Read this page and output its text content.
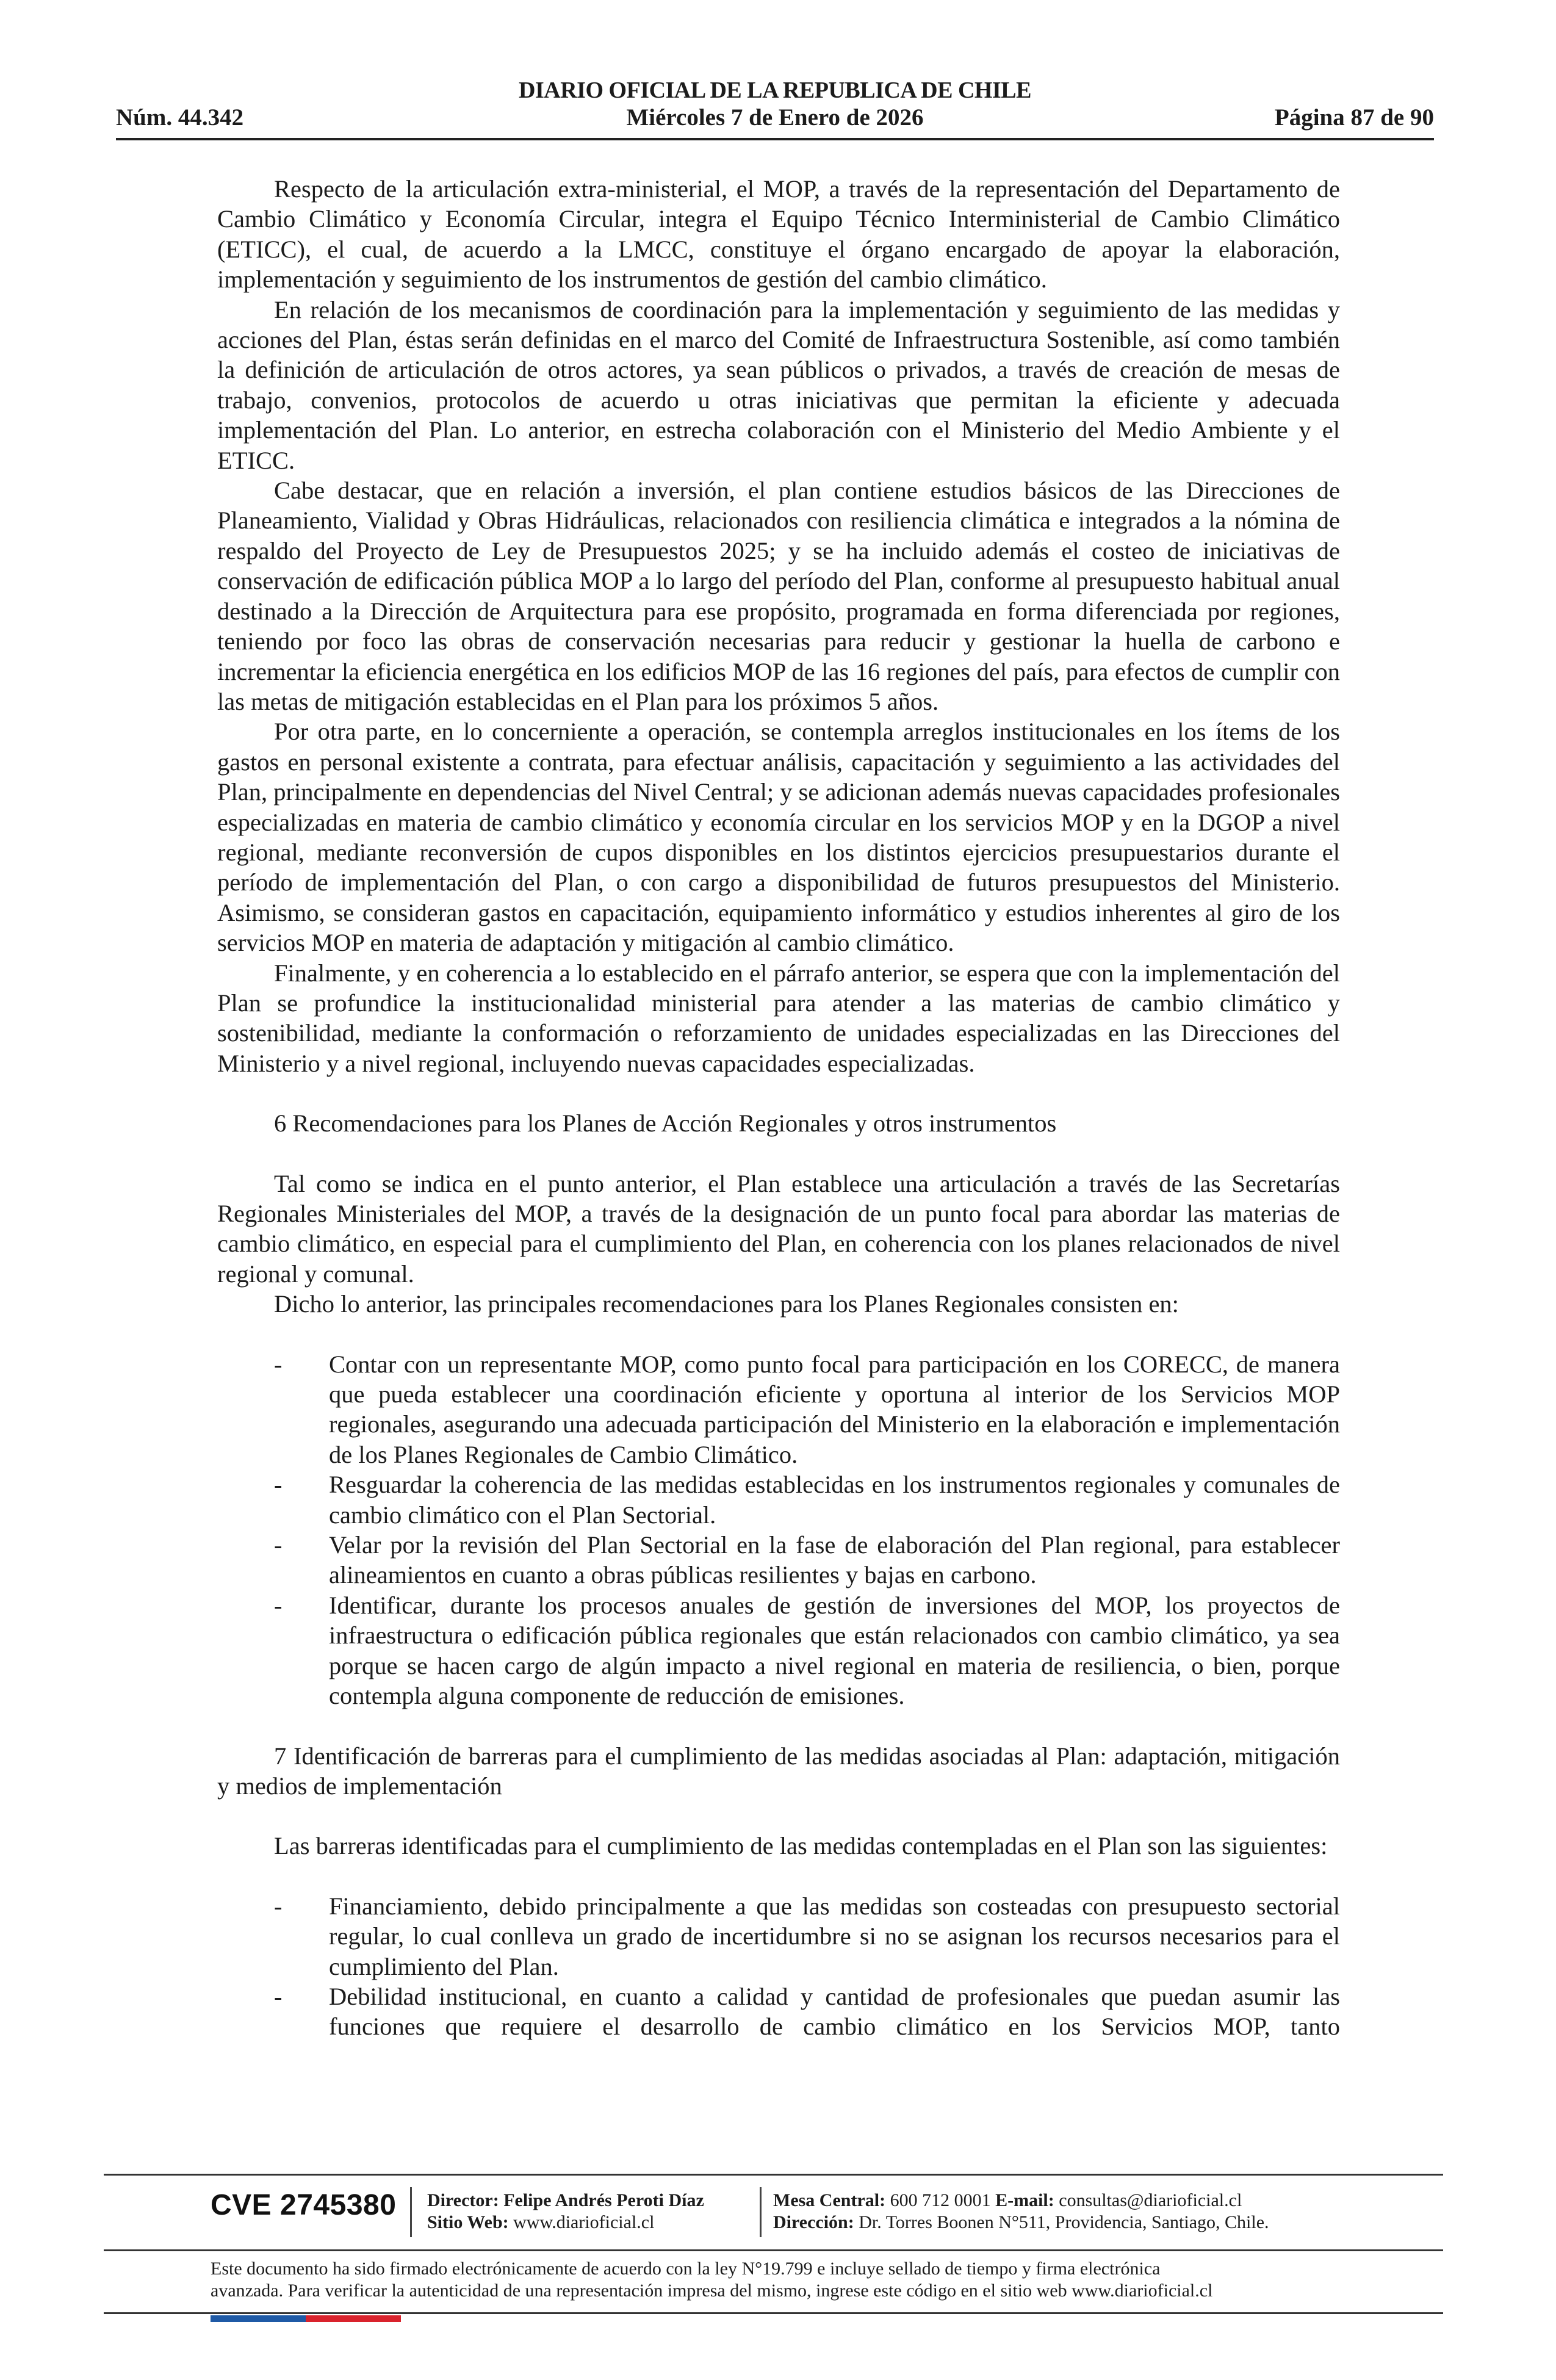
DIARIO OFICIAL DE LA REPUBLICA DE CHILE
Núm. 44.342	Miércoles 7 de Enero de 2026	Página 87 de 90

Respecto de la articulación extra-ministerial, el MOP, a través de la representación del Departamento de Cambio Climático y Economía Circular, integra el Equipo Técnico Interministerial de Cambio Climático (ETICC), el cual, de acuerdo a la LMCC, constituye el órgano encargado de apoyar la elaboración, implementación y seguimiento de los instrumentos de gestión del cambio climático.

En relación de los mecanismos de coordinación para la implementación y seguimiento de las medidas y acciones del Plan, éstas serán definidas en el marco del Comité de Infraestructura Sostenible, así como también la definición de articulación de otros actores, ya sean públicos o privados, a través de creación de mesas de trabajo, convenios, protocolos de acuerdo u otras iniciativas que permitan la eficiente y adecuada implementación del Plan. Lo anterior, en estrecha colaboración con el Ministerio del Medio Ambiente y el ETICC.

Cabe destacar, que en relación a inversión, el plan contiene estudios básicos de las Direcciones de Planeamiento, Vialidad y Obras Hidráulicas, relacionados con resiliencia climática e integrados a la nómina de respaldo del Proyecto de Ley de Presupuestos 2025; y se ha incluido además el costeo de iniciativas de conservación de edificación pública MOP a lo largo del período del Plan, conforme al presupuesto habitual anual destinado a la Dirección de Arquitectura para ese propósito, programada en forma diferenciada por regiones, teniendo por foco las obras de conservación necesarias para reducir y gestionar la huella de carbono e incrementar la eficiencia energética en los edificios MOP de las 16 regiones del país, para efectos de cumplir con las metas de mitigación establecidas en el Plan para los próximos 5 años.

Por otra parte, en lo concerniente a operación, se contempla arreglos institucionales en los ítems de los gastos en personal existente a contrata, para efectuar análisis, capacitación y seguimiento a las actividades del Plan, principalmente en dependencias del Nivel Central; y se adicionan además nuevas capacidades profesionales especializadas en materia de cambio climático y economía circular en los servicios MOP y en la DGOP a nivel regional, mediante reconversión de cupos disponibles en los distintos ejercicios presupuestarios durante el período de implementación del Plan, o con cargo a disponibilidad de futuros presupuestos del Ministerio. Asimismo, se consideran gastos en capacitación, equipamiento informático y estudios inherentes al giro de los servicios MOP en materia de adaptación y mitigación al cambio climático.

Finalmente, y en coherencia a lo establecido en el párrafo anterior, se espera que con la implementación del Plan se profundice la institucionalidad ministerial para atender a las materias de cambio climático y sostenibilidad, mediante la conformación o reforzamiento de unidades especializadas en las Direcciones del Ministerio y a nivel regional, incluyendo nuevas capacidades especializadas.

6 Recomendaciones para los Planes de Acción Regionales y otros instrumentos

Tal como se indica en el punto anterior, el Plan establece una articulación a través de las Secretarías Regionales Ministeriales del MOP, a través de la designación de un punto focal para abordar las materias de cambio climático, en especial para el cumplimiento del Plan, en coherencia con los planes relacionados de nivel regional y comunal.

Dicho lo anterior, las principales recomendaciones para los Planes Regionales consisten en:

- Contar con un representante MOP, como punto focal para participación en los CORECC, de manera que pueda establecer una coordinación eficiente y oportuna al interior de los Servicios MOP regionales, asegurando una adecuada participación del Ministerio en la elaboración e implementación de los Planes Regionales de Cambio Climático.
- Resguardar la coherencia de las medidas establecidas en los instrumentos regionales y comunales de cambio climático con el Plan Sectorial.
- Velar por la revisión del Plan Sectorial en la fase de elaboración del Plan regional, para establecer alineamientos en cuanto a obras públicas resilientes y bajas en carbono.
- Identificar, durante los procesos anuales de gestión de inversiones del MOP, los proyectos de infraestructura o edificación pública regionales que están relacionados con cambio climático, ya sea porque se hacen cargo de algún impacto a nivel regional en materia de resiliencia, o bien, porque contempla alguna componente de reducción de emisiones.

7 Identificación de barreras para el cumplimiento de las medidas asociadas al Plan: adaptación, mitigación y medios de implementación

Las barreras identificadas para el cumplimiento de las medidas contempladas en el Plan son las siguientes:

- Financiamiento, debido principalmente a que las medidas son costeadas con presupuesto sectorial regular, lo cual conlleva un grado de incertidumbre si no se asignan los recursos necesarios para el cumplimiento del Plan.
- Debilidad institucional, en cuanto a calidad y cantidad de profesionales que puedan asumir las funciones que requiere el desarrollo de cambio climático en los Servicios MOP, tanto
CVE 2745380 Director: Felipe Andrés Peroti Díaz
Sitio Web: www.diarioficial.cl
Mesa Central: 600 712 0001 E-mail: consultas@diarioficial.cl
Dirección: Dr. Torres Boonen N°511, Providencia, Santiago, Chile.
Este documento ha sido firmado electrónicamente de acuerdo con la ley N°19.799 e incluye sellado de tiempo y firma electrónica
avanzada. Para verificar la autenticidad de una representación impresa del mismo, ingrese este código en el sitio web www.diarioficial.cl
